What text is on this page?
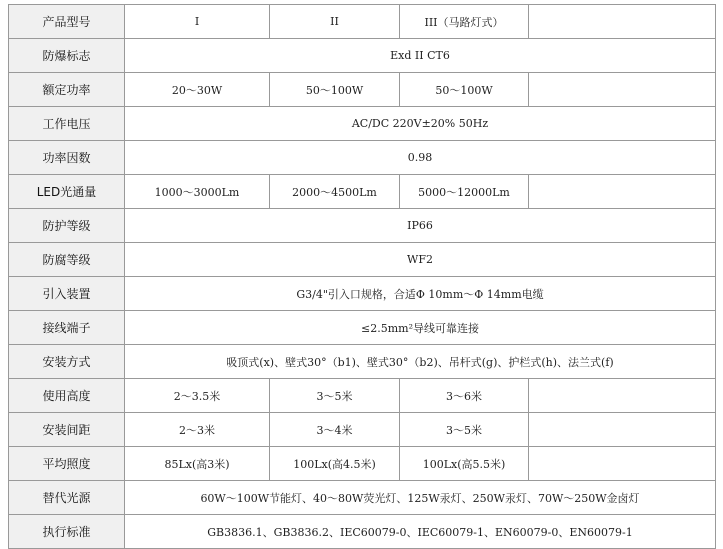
产品型号	I	II	III（马路灯式）	
防爆标志	Exd II CT6			
额定功率	20～30W	50～100W	50～100W	
工作电压	AC/DC 220V±20% 50Hz			
功率因数	0.98			
LED光通量	1000～3000Lm	2000～4500Lm	5000～12000Lm	
防护等级	IP66			
防腐等级	WF2			
引入装置	G3/4"引入口规格，合适Φ 10mm～Φ 14mm电缆			
接线端子	≤2.5mm²导线可靠连接			
安装方式	吸顶式(x)、壁式30°（b1)、壁式30°（b2)、吊杆式(g)、护栏式(h)、法兰式(f)			
使用高度	2～3.5米	3～5米	3～6米	
安装间距	2～3米	3～4米	3～5米	
平均照度	85Lx(高3米)	100Lx(高4.5米)	100Lx(高5.5米)	
替代光源	60W～100W节能灯、40～80W荧光灯、125W汞灯、250W汞灯、70W～250W金卤灯			
执行标准	GB3836.1、GB3836.2、IEC60079-0、IEC60079-1、EN60079-0、EN60079-1			
